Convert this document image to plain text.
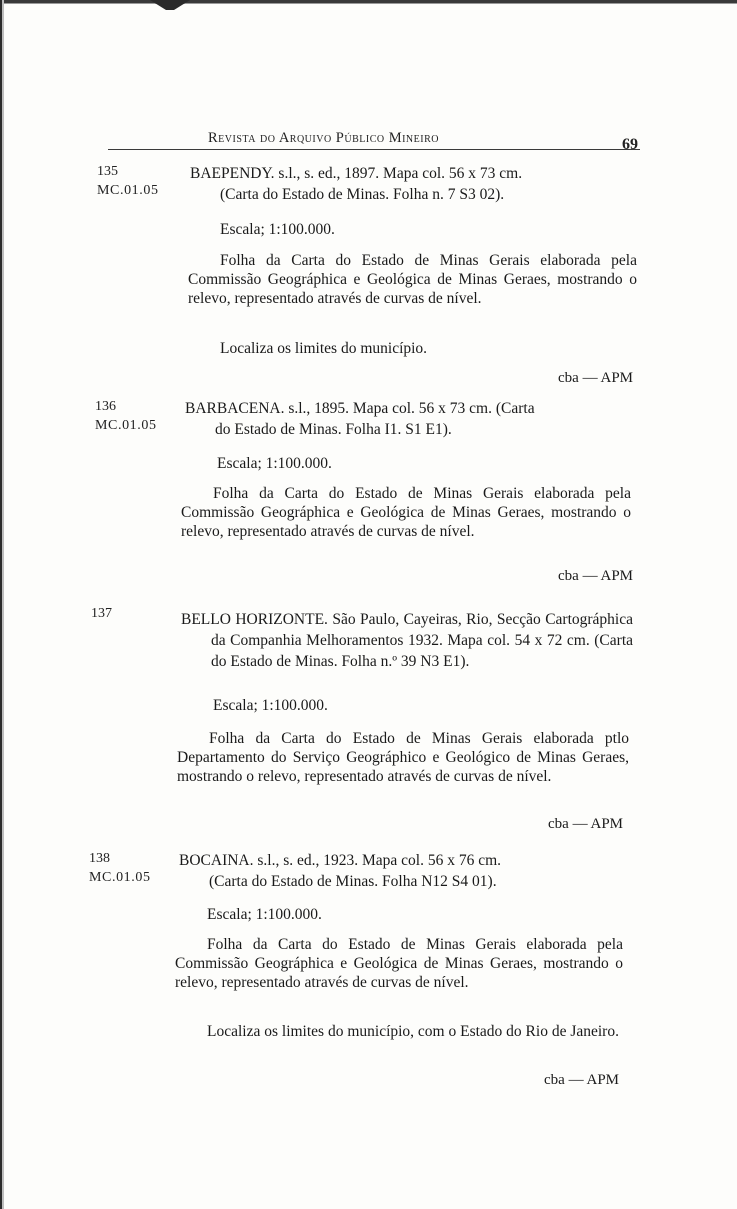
Revista do Arquivo Público Mineiro	69
135
MC.01.05
BAEPENDY. s.l., s. ed., 1897. Mapa col. 56 x 73 cm.
(Carta do Estado de Minas. Folha n. 7 S3 02).
Escala; 1:100.000.
Folha da Carta do Estado de Minas Gerais elaborada pela Commissão Geográphica e Geológica de Minas Geraes, mostrando o relevo, representado através de curvas de nível.
Localiza os limites do município.
cba — APM
136
MC.01.05
BARBACENA. s.l., 1895. Mapa col. 56 x 73 cm. (Carta
do Estado de Minas. Folha I1. S1 E1).
Escala; 1:100.000.
Folha da Carta do Estado de Minas Gerais elaborada pela Commissão Geográphica e Geológica de Minas Geraes, mostrando o relevo, representado através de curvas de nível.
cba — APM
137	BELLO HORIZONTE. São Paulo, Cayeiras, Rio, Secção Cartográphica da Companhia Melhoramentos 1932. Mapa col. 54 x 72 cm. (Carta do Estado de Minas. Folha n.º 39 N3 E1).
Escala; 1:100.000.
Folha da Carta do Estado de Minas Gerais elaborada ptlo Departamento do Serviço Geográphico e Geológico de Minas Geraes, mostrando o relevo, representado através de curvas de nível.
cba — APM
138
MC.01.05
BOCAINA. s.l., s. ed., 1923. Mapa col. 56 x 76 cm.
(Carta do Estado de Minas. Folha N12 S4 01).
Escala; 1:100.000.
Folha da Carta do Estado de Minas Gerais elaborada pela Commissão Geográphica e Geológica de Minas Geraes, mostrando o relevo, representado através de curvas de nível.
Localiza os limites do município, com o Estado do Rio de Janeiro.
cba — APM
